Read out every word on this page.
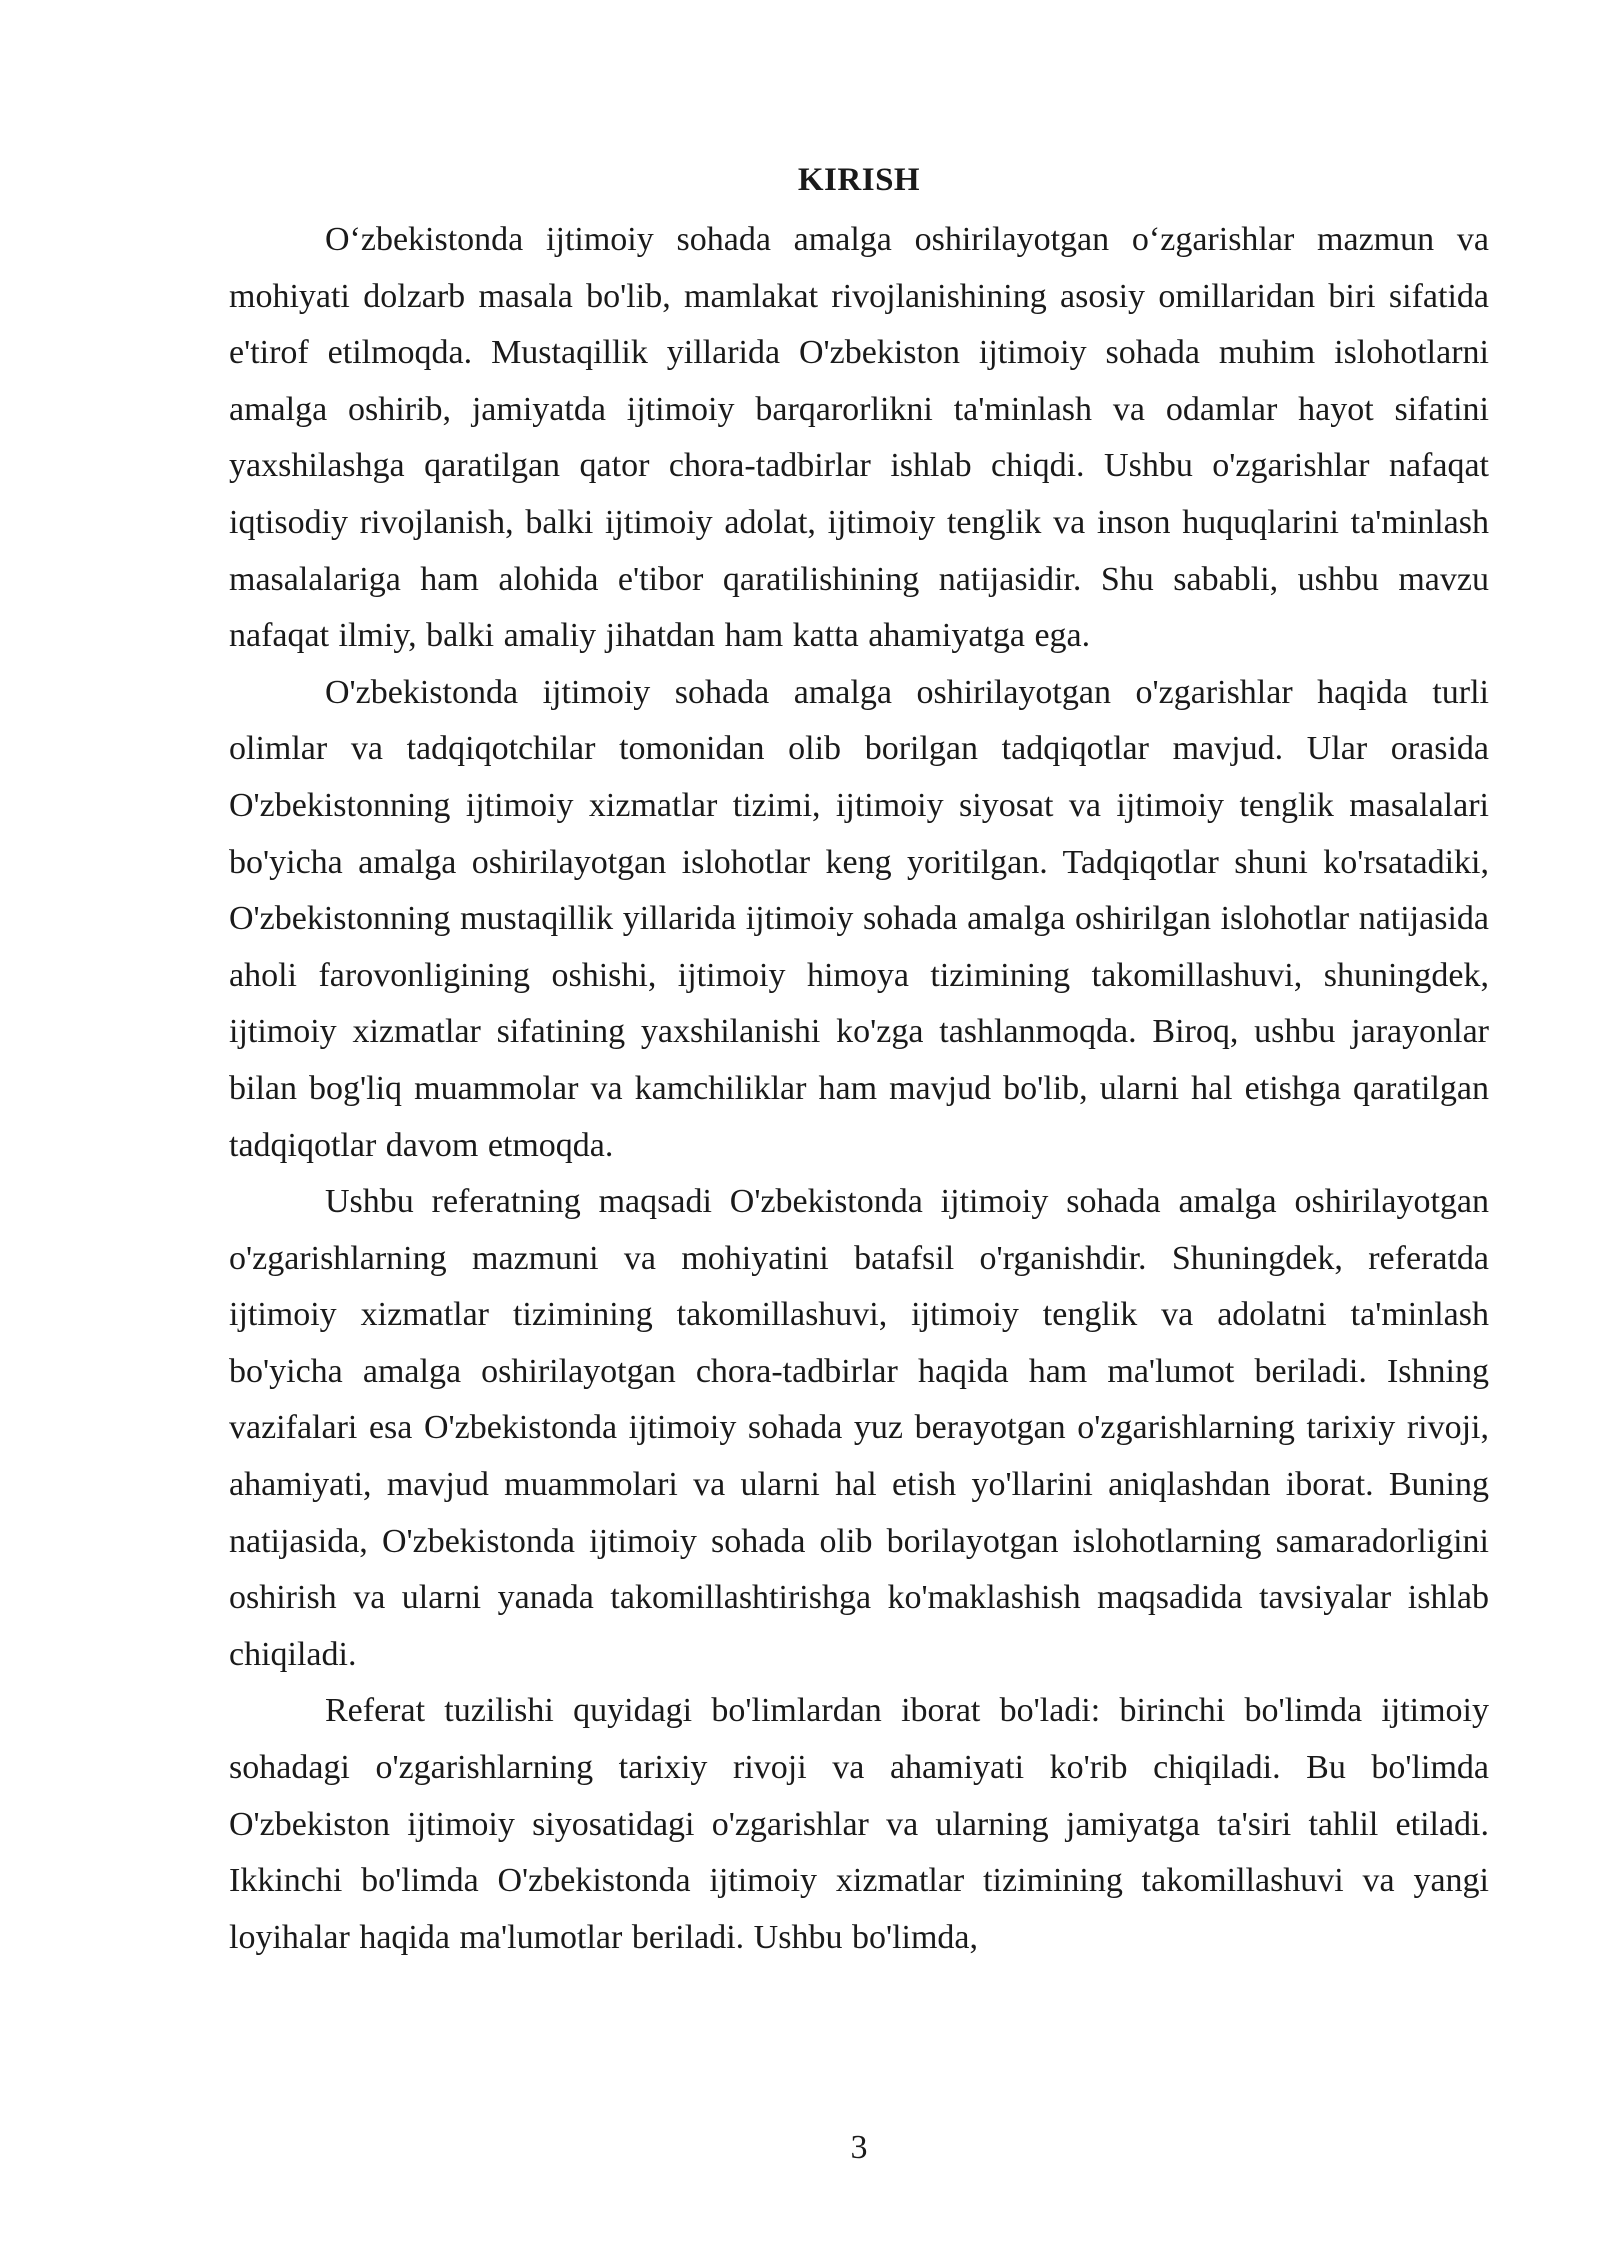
KIRISH

O‘zbekistonda ijtimoiy sohada amalga oshirilayotgan o‘zgarishlar mazmun va mohiyati dolzarb masala bo'lib, mamlakat rivojlanishining asosiy omillaridan biri sifatida e'tirof etilmoqda. Mustaqillik yillarida O'zbekiston ijtimoiy sohada muhim islohotlarni amalga oshirib, jamiyatda ijtimoiy barqarorlikni ta'minlash va odamlar hayot sifatini yaxshilashga qaratilgan qator chora-tadbirlar ishlab chiqdi. Ushbu o'zgarishlar nafaqat iqtisodiy rivojlanish, balki ijtimoiy adolat, ijtimoiy tenglik va inson huquqlarini ta'minlash masalalariga ham alohida e'tibor qaratilishining natijasidir. Shu sababli, ushbu mavzu nafaqat ilmiy, balki amaliy jihatdan ham katta ahamiyatga ega.

O'zbekistonda ijtimoiy sohada amalga oshirilayotgan o'zgarishlar haqida turli olimlar va tadqiqotchilar tomonidan olib borilgan tadqiqotlar mavjud. Ular orasida O'zbekistonning ijtimoiy xizmatlar tizimi, ijtimoiy siyosat va ijtimoiy tenglik masalalari bo'yicha amalga oshirilayotgan islohotlar keng yoritilgan. Tadqiqotlar shuni ko'rsatadiki, O'zbekistonning mustaqillik yillarida ijtimoiy sohada amalga oshirilgan islohotlar natijasida aholi farovonligining oshishi, ijtimoiy himoya tizimining takomillashuvi, shuningdek, ijtimoiy xizmatlar sifatining yaxshilanishi ko'zga tashlanmoqda. Biroq, ushbu jarayonlar bilan bog'liq muammolar va kamchiliklar ham mavjud bo'lib, ularni hal etishga qaratilgan tadqiqotlar davom etmoqda.

Ushbu referatning maqsadi O'zbekistonda ijtimoiy sohada amalga oshirilayotgan o'zgarishlarning mazmuni va mohiyatini batafsil o'rganishdir. Shuningdek, referatda ijtimoiy xizmatlar tizimining takomillashuvi, ijtimoiy tenglik va adolatni ta'minlash bo'yicha amalga oshirilayotgan chora-tadbirlar haqida ham ma'lumot beriladi. Ishning vazifalari esa O'zbekistonda ijtimoiy sohada yuz berayotgan o'zgarishlarning tarixiy rivoji, ahamiyati, mavjud muammolari va ularni hal etish yo'llarini aniqlashdan iborat. Buning natijasida, O'zbekistonda ijtimoiy sohada olib borilayotgan islohotlarning samaradorligini oshirish va ularni yanada takomillashtirishga ko'maklashish maqsadida tavsiyalar ishlab chiqiladi.

Referat tuzilishi quyidagi bo'limlardan iborat bo'ladi: birinchi bo'limda ijtimoiy sohadagi o'zgarishlarning tarixiy rivoji va ahamiyati ko'rib chiqiladi. Bu bo'limda O'zbekiston ijtimoiy siyosatidagi o'zgarishlar va ularning jamiyatga ta'siri tahlil etiladi. Ikkinchi bo'limda O'zbekistonda ijtimoiy xizmatlar tizimining takomillashuvi va yangi loyihalar haqida ma'lumotlar beriladi. Ushbu bo'limda,

3
